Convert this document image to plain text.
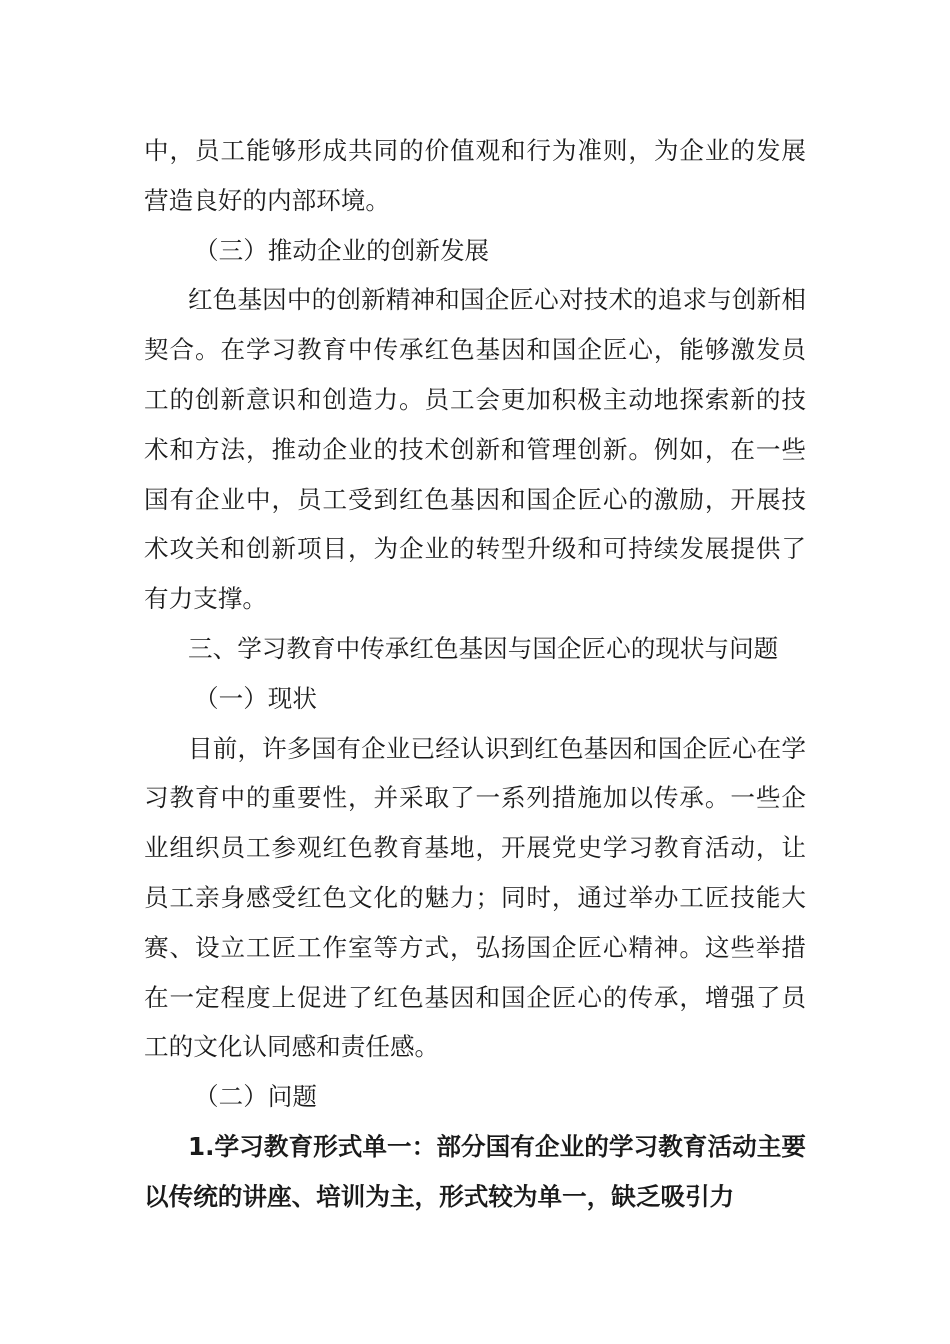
中，员工能够形成共同的价值观和行为准则，为企业的发展营造良好的内部环境。

（三）推动企业的创新发展

红色基因中的创新精神和国企匠心对技术的追求与创新相契合。在学习教育中传承红色基因和国企匠心，能够激发员工的创新意识和创造力。员工会更加积极主动地探索新的技术和方法，推动企业的技术创新和管理创新。例如，在一些国有企业中，员工受到红色基因和国企匠心的激励，开展技术攻关和创新项目，为企业的转型升级和可持续发展提供了有力支撑。

三、学习教育中传承红色基因与国企匠心的现状与问题

（一）现状

目前，许多国有企业已经认识到红色基因和国企匠心在学习教育中的重要性，并采取了一系列措施加以传承。一些企业组织员工参观红色教育基地，开展党史学习教育活动，让员工亲身感受红色文化的魅力；同时，通过举办工匠技能大赛、设立工匠工作室等方式，弘扬国企匠心精神。这些举措在一定程度上促进了红色基因和国企匠心的传承，增强了员工的文化认同感和责任感。

（二）问题

1.学习教育形式单一：部分国有企业的学习教育活动主要以传统的讲座、培训为主，形式较为单一，缺乏吸引力
